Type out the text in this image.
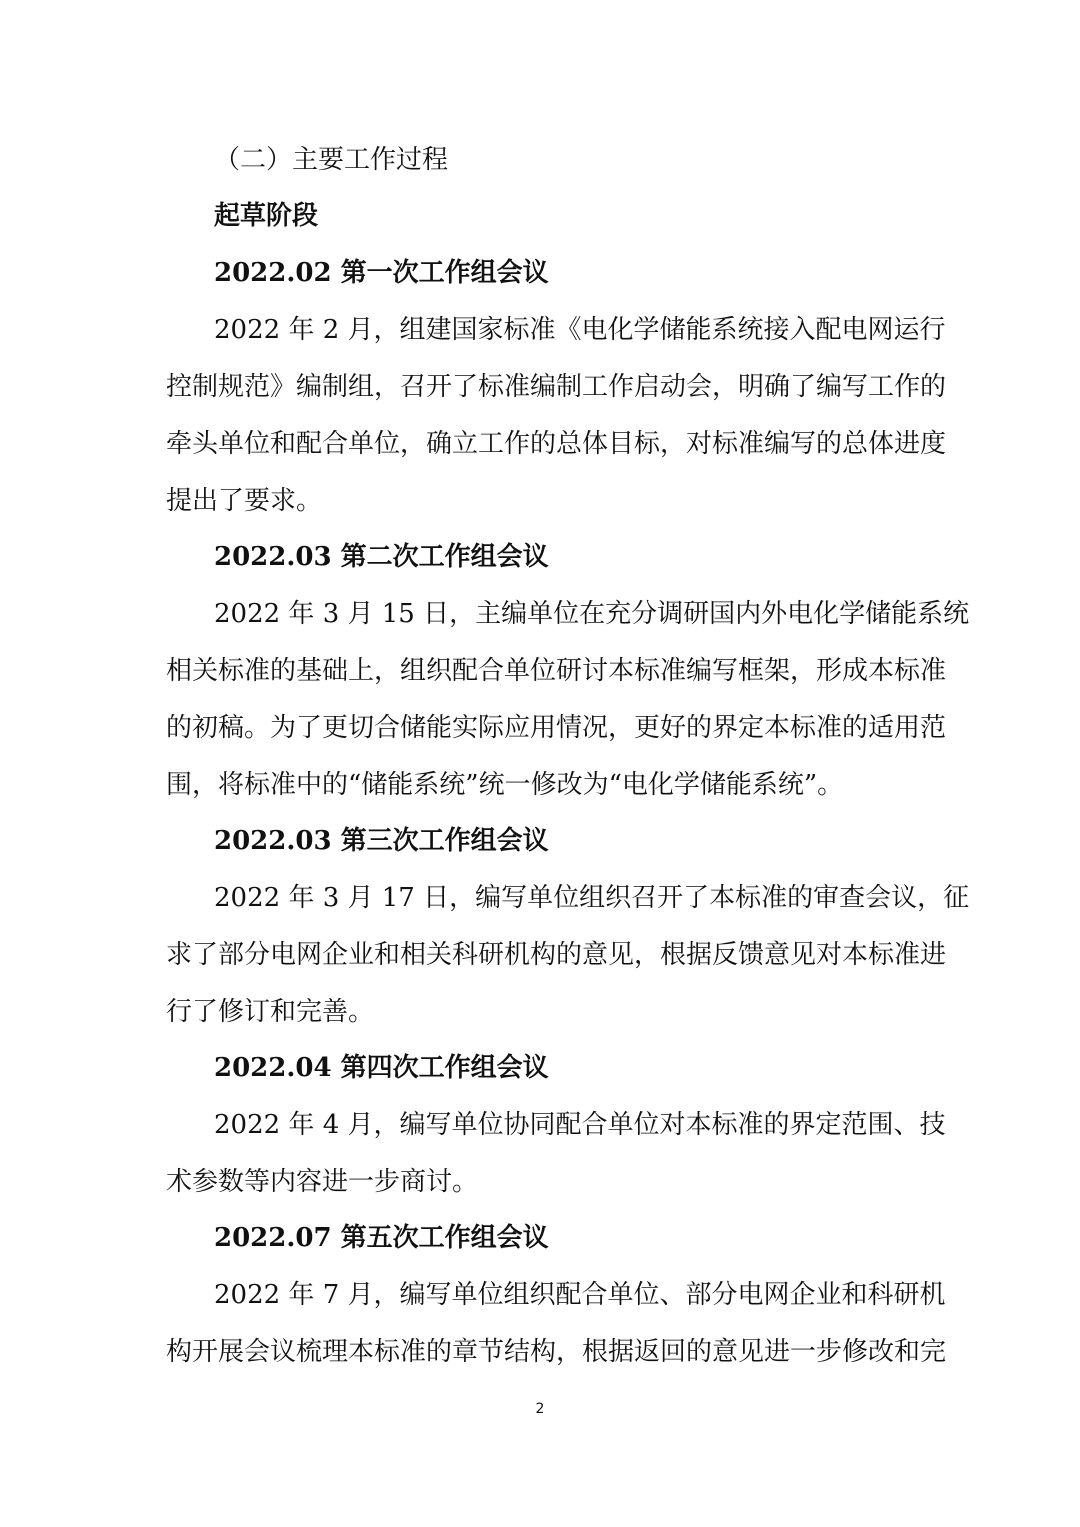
（二）主要工作过程
起草阶段
2022.02 第一次工作组会议
2022 年 2 月，组建国家标准《电化学储能系统接入配电网运行
控制规范》编制组，召开了标准编制工作启动会，明确了编写工作的
牵头单位和配合单位，确立工作的总体目标，对标准编写的总体进度
提出了要求。
2022.03 第二次工作组会议
2022 年 3 月 15 日，主编单位在充分调研国内外电化学储能系统
相关标准的基础上，组织配合单位研讨本标准编写框架，形成本标准
的初稿。为了更切合储能实际应用情况，更好的界定本标准的适用范
围，将标准中的“储能系统”统一修改为“电化学储能系统”。
2022.03 第三次工作组会议
2022 年 3 月 17 日，编写单位组织召开了本标准的审查会议，征
求了部分电网企业和相关科研机构的意见，根据反馈意见对本标准进
行了修订和完善。
2022.04 第四次工作组会议
2022 年 4 月，编写单位协同配合单位对本标准的界定范围、技
术参数等内容进一步商讨。
2022.07 第五次工作组会议
2022 年 7 月，编写单位组织配合单位、部分电网企业和科研机
构开展会议梳理本标准的章节结构，根据返回的意见进一步修改和完
2
